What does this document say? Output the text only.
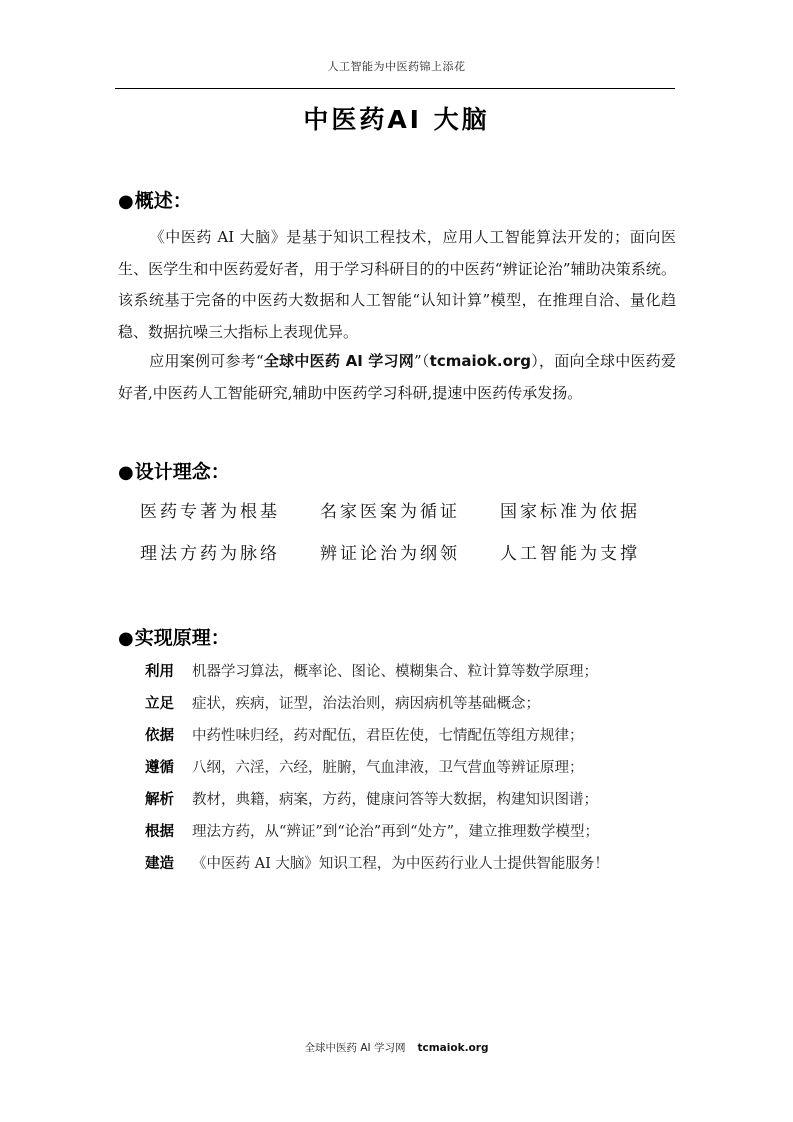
人工智能为中医药锦上添花
中医药AI 大脑
●概述：
《中医药 AI 大脑》是基于知识工程技术，应用人工智能算法开发的；面向医生、医学生和中医药爱好者，用于学习科研目的的中医药“辨证论治”辅助决策系统。该系统基于完备的中医药大数据和人工智能“认知计算”模型，在推理自洽、量化趋稳、数据抗噪三大指标上表现优异。
应用案例可参考“全球中医药 AI 学习网”（tcmaiok.org），面向全球中医药爱好者,中医药人工智能研究,辅助中医药学习科研,提速中医药传承发扬。
●设计理念：
医药专著为根基	名家医案为循证	国家标准为依据
理法方药为脉络	辨证论治为纲领	人工智能为支撑
●实现原理：
利用	机器学习算法，概率论、图论、模糊集合、粒计算等数学原理；
立足	症状，疾病，证型，治法治则，病因病机等基础概念；
依据	中药性味归经，药对配伍，君臣佐使，七情配伍等组方规律；
遵循	八纲，六淫，六经，脏腑，气血津液，卫气营血等辨证原理；
解析	教材，典籍，病案，方药，健康问答等大数据，构建知识图谱；
根据	理法方药，从“辨证”到“论治”再到“处方”，建立推理数学模型；
建造	《中医药 AI 大脑》知识工程，为中医药行业人士提供智能服务！
全球中医药 AI 学习网 tcmaiok.org
